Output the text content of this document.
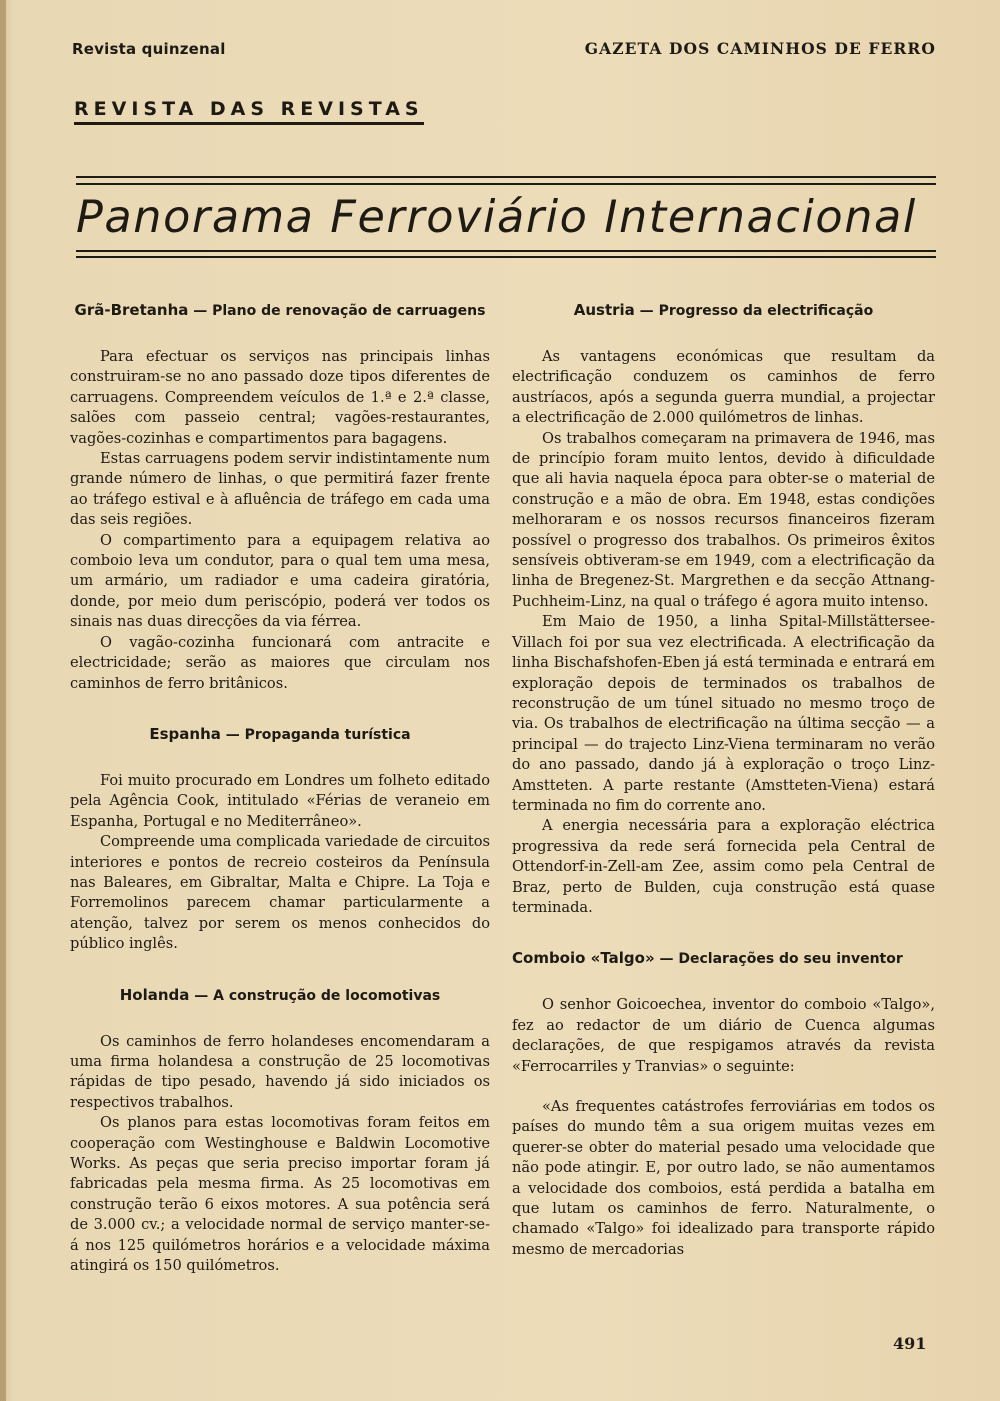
Revista quinzenal	GAZETA DOS CAMINHOS DE FERRO
REVISTA DAS REVISTAS
Panorama Ferroviário Internacional
Grã-Bretanha — Plano de renovação de carruagens

Para efectuar os serviços nas principais linhas construiram-se no ano passado doze tipos diferentes de carruagens. Compreendem veículos de 1.ª e 2.ª classe, salões com passeio central; vagões-restaurantes, vagões-cozinhas e compartimentos para bagagens.

Estas carruagens podem servir indistintamente num grande número de linhas, o que permitirá fazer frente ao tráfego estival e à afluência de tráfego em cada uma das seis regiões.

O compartimento para a equipagem relativa ao comboio leva um condutor, para o qual tem uma mesa, um armário, um radiador e uma cadeira giratória, donde, por meio dum periscópio, poderá ver todos os sinais nas duas direcções da via férrea.

O vagão-cozinha funcionará com antracite e electricidade; serão as maiores que circulam nos caminhos de ferro britânicos.

Espanha — Propaganda turística

Foi muito procurado em Londres um folheto editado pela Agência Cook, intitulado «Férias de veraneio em Espanha, Portugal e no Mediterrâneo».

Compreende uma complicada variedade de circuitos interiores e pontos de recreio costeiros da Península nas Baleares, em Gibraltar, Malta e Chipre. La Toja e Forremolinos parecem chamar particularmente a atenção, talvez por serem os menos conhecidos do público inglês.

Holanda — A construção de locomotivas

Os caminhos de ferro holandeses encomendaram a uma firma holandesa a construção de 25 locomotivas rápidas de tipo pesado, havendo já sido iniciados os respectivos trabalhos.

Os planos para estas locomotivas foram feitos em cooperação com Westinghouse e Baldwin Locomotive Works. As peças que seria preciso importar foram já fabricadas pela mesma firma. As 25 locomotivas em construção terão 6 eixos motores. A sua potência será de 3.000 cv.; a velocidade normal de serviço manter-se-á nos 125 quilómetros horários e a velocidade máxima atingirá os 150 quilómetros.

Austria — Progresso da electrificação

As vantagens económicas que resultam da electrificação conduzem os caminhos de ferro austríacos, após a segunda guerra mundial, a projectar a electrificação de 2.000 quilómetros de linhas.

Os trabalhos começaram na primavera de 1946, mas de princípio foram muito lentos, devido à dificuldade que ali havia naquela época para obter-se o material de construção e a mão de obra. Em 1948, estas condições melhoraram e os nossos recursos financeiros fizeram possível o progresso dos trabalhos. Os primeiros êxitos sensíveis obtiveram-se em 1949, com a electrificação da linha de Bregenez-St. Margrethen e da secção Attnang-Puchheim-Linz, na qual o tráfego é agora muito intenso.

Em Maio de 1950, a linha Spital-Millstättersee-Villach foi por sua vez electrificada. A electrificação da linha Bischafshofen-Eben já está terminada e entrará em exploração depois de terminados os trabalhos de reconstrução de um túnel situado no mesmo troço de via. Os trabalhos de electrificação na última secção — a principal — do trajecto Linz-Viena terminaram no verão do ano passado, dando já à exploração o troço Linz-Amstteten. A parte restante (Amstteten-Viena) estará terminada no fim do corrente ano.

A energia necessária para a exploração eléctrica progressiva da rede será fornecida pela Central de Ottendorf-in-Zell-am Zee, assim como pela Central de Braz, perto de Bulden, cuja construção está quase terminada.

Comboio «Talgo» — Declarações do seu inventor

O senhor Goicoechea, inventor do comboio «Talgo», fez ao redactor de um diário de Cuenca algumas declarações, de que respigamos através da revista «Ferrocarriles y Tranvias» o seguinte:

«As frequentes catástrofes ferroviárias em todos os países do mundo têm a sua origem muitas vezes em querer-se obter do material pesado uma velocidade que não pode atingir. E, por outro lado, se não aumentamos a velocidade dos comboios, está perdida a batalha em que lutam os caminhos de ferro. Naturalmente, o chamado «Talgo» foi idealizado para transporte rápido mesmo de mercadorias

491
